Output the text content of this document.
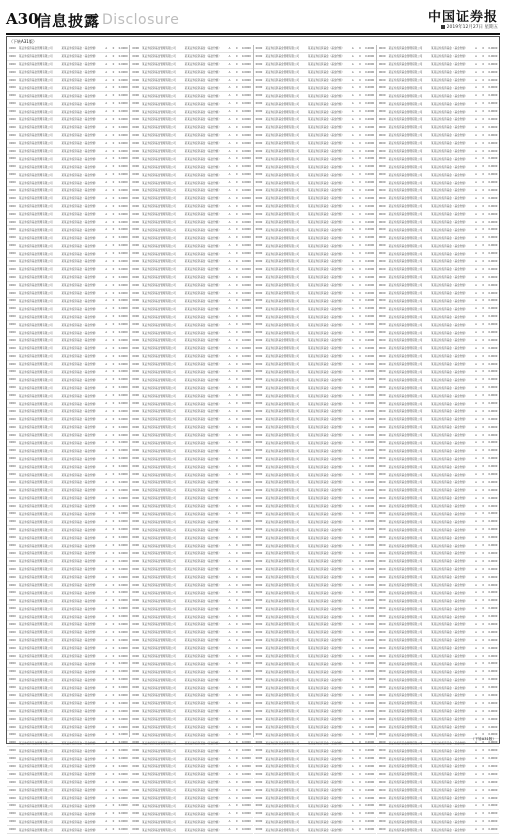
A30
信息披露 Disclosure	中国证券报
2019年12月27日 星期五
（下转A31版）
0000	某证券投资基金管理有限公司	某某证券投资基金（基金份额）	A	0	0.0000
0000	某证券投资基金管理有限公司	某某证券投资基金（基金份额）	A	0	0.0000
0000	某证券投资基金管理有限公司	某某证券投资基金（基金份额）	A	0	0.0000
0000	某证券投资基金管理有限公司	某某证券投资基金（基金份额）	A	0	0.0000
0000	某证券投资基金管理有限公司	某某证券投资基金（基金份额）	A	0	0.0000
0000	某证券投资基金管理有限公司	某某证券投资基金（基金份额）	A	0	0.0000
0000	某证券投资基金管理有限公司	某某证券投资基金（基金份额）	A	0	0.0000
0000	某证券投资基金管理有限公司	某某证券投资基金（基金份额）	A	0	0.0000
0000	某证券投资基金管理有限公司	某某证券投资基金（基金份额）	A	0	0.0000
0000	某证券投资基金管理有限公司	某某证券投资基金（基金份额）	A	0	0.0000
0000	某证券投资基金管理有限公司	某某证券投资基金（基金份额）	A	0	0.0000
0000	某证券投资基金管理有限公司	某某证券投资基金（基金份额）	A	0	0.0000
0000	某证券投资基金管理有限公司	某某证券投资基金（基金份额）	A	0	0.0000
0000	某证券投资基金管理有限公司	某某证券投资基金（基金份额）	A	0	0.0000
0000	某证券投资基金管理有限公司	某某证券投资基金（基金份额）	A	0	0.0000
0000	某证券投资基金管理有限公司	某某证券投资基金（基金份额）	A	0	0.0000
0000	某证券投资基金管理有限公司	某某证券投资基金（基金份额）	A	0	0.0000
0000	某证券投资基金管理有限公司	某某证券投资基金（基金份额）	A	0	0.0000
0000	某证券投资基金管理有限公司	某某证券投资基金（基金份额）	A	0	0.0000
0000	某证券投资基金管理有限公司	某某证券投资基金（基金份额）	A	0	0.0000
0000	某证券投资基金管理有限公司	某某证券投资基金（基金份额）	A	0	0.0000
0000	某证券投资基金管理有限公司	某某证券投资基金（基金份额）	A	0	0.0000
0000	某证券投资基金管理有限公司	某某证券投资基金（基金份额）	A	0	0.0000
0000	某证券投资基金管理有限公司	某某证券投资基金（基金份额）	A	0	0.0000
0000	某证券投资基金管理有限公司	某某证券投资基金（基金份额）	A	0	0.0000
0000	某证券投资基金管理有限公司	某某证券投资基金（基金份额）	A	0	0.0000
0000	某证券投资基金管理有限公司	某某证券投资基金（基金份额）	A	0	0.0000
0000	某证券投资基金管理有限公司	某某证券投资基金（基金份额）	A	0	0.0000
0000	某证券投资基金管理有限公司	某某证券投资基金（基金份额）	A	0	0.0000
0000	某证券投资基金管理有限公司	某某证券投资基金（基金份额）	A	0	0.0000
0000	某证券投资基金管理有限公司	某某证券投资基金（基金份额）	A	0	0.0000
0000	某证券投资基金管理有限公司	某某证券投资基金（基金份额）	A	0	0.0000
0000	某证券投资基金管理有限公司	某某证券投资基金（基金份额）	A	0	0.0000
0000	某证券投资基金管理有限公司	某某证券投资基金（基金份额）	A	0	0.0000
0000	某证券投资基金管理有限公司	某某证券投资基金（基金份额）	A	0	0.0000
0000	某证券投资基金管理有限公司	某某证券投资基金（基金份额）	A	0	0.0000
0000	某证券投资基金管理有限公司	某某证券投资基金（基金份额）	A	0	0.0000
0000	某证券投资基金管理有限公司	某某证券投资基金（基金份额）	A	0	0.0000
0000	某证券投资基金管理有限公司	某某证券投资基金（基金份额）	A	0	0.0000
0000	某证券投资基金管理有限公司	某某证券投资基金（基金份额）	A	0	0.0000
0000	某证券投资基金管理有限公司	某某证券投资基金（基金份额）	A	0	0.0000
0000	某证券投资基金管理有限公司	某某证券投资基金（基金份额）	A	0	0.0000
0000	某证券投资基金管理有限公司	某某证券投资基金（基金份额）	A	0	0.0000
0000	某证券投资基金管理有限公司	某某证券投资基金（基金份额）	A	0	0.0000
0000	某证券投资基金管理有限公司	某某证券投资基金（基金份额）	A	0	0.0000
0000	某证券投资基金管理有限公司	某某证券投资基金（基金份额）	A	0	0.0000
0000	某证券投资基金管理有限公司	某某证券投资基金（基金份额）	A	0	0.0000
0000	某证券投资基金管理有限公司	某某证券投资基金（基金份额）	A	0	0.0000
0000	某证券投资基金管理有限公司	某某证券投资基金（基金份额）	A	0	0.0000
0000	某证券投资基金管理有限公司	某某证券投资基金（基金份额）	A	0	0.0000
0000	某证券投资基金管理有限公司	某某证券投资基金（基金份额）	A	0	0.0000
0000	某证券投资基金管理有限公司	某某证券投资基金（基金份额）	A	0	0.0000
0000	某证券投资基金管理有限公司	某某证券投资基金（基金份额）	A	0	0.0000
0000	某证券投资基金管理有限公司	某某证券投资基金（基金份额）	A	0	0.0000
0000	某证券投资基金管理有限公司	某某证券投资基金（基金份额）	A	0	0.0000
0000	某证券投资基金管理有限公司	某某证券投资基金（基金份额）	A	0	0.0000
0000	某证券投资基金管理有限公司	某某证券投资基金（基金份额）	A	0	0.0000
0000	某证券投资基金管理有限公司	某某证券投资基金（基金份额）	A	0	0.0000
0000	某证券投资基金管理有限公司	某某证券投资基金（基金份额）	A	0	0.0000
0000	某证券投资基金管理有限公司	某某证券投资基金（基金份额）	A	0	0.0000
0000	某证券投资基金管理有限公司	某某证券投资基金（基金份额）	A	0	0.0000
0000	某证券投资基金管理有限公司	某某证券投资基金（基金份额）	A	0	0.0000
0000	某证券投资基金管理有限公司	某某证券投资基金（基金份额）	A	0	0.0000
0000	某证券投资基金管理有限公司	某某证券投资基金（基金份额）	A	0	0.0000
0000	某证券投资基金管理有限公司	某某证券投资基金（基金份额）	A	0	0.0000
0000	某证券投资基金管理有限公司	某某证券投资基金（基金份额）	A	0	0.0000
0000	某证券投资基金管理有限公司	某某证券投资基金（基金份额）	A	0	0.0000
0000	某证券投资基金管理有限公司	某某证券投资基金（基金份额）	A	0	0.0000
0000	某证券投资基金管理有限公司	某某证券投资基金（基金份额）	A	0	0.0000
0000	某证券投资基金管理有限公司	某某证券投资基金（基金份额）	A	0	0.0000
0000	某证券投资基金管理有限公司	某某证券投资基金（基金份额）	A	0	0.0000
0000	某证券投资基金管理有限公司	某某证券投资基金（基金份额）	A	0	0.0000
0000	某证券投资基金管理有限公司	某某证券投资基金（基金份额）	A	0	0.0000
0000	某证券投资基金管理有限公司	某某证券投资基金（基金份额）	A	0	0.0000
0000	某证券投资基金管理有限公司	某某证券投资基金（基金份额）	A	0	0.0000
0000	某证券投资基金管理有限公司	某某证券投资基金（基金份额）	A	0	0.0000
0000	某证券投资基金管理有限公司	某某证券投资基金（基金份额）	A	0	0.0000
0000	某证券投资基金管理有限公司	某某证券投资基金（基金份额）	A	0	0.0000
0000	某证券投资基金管理有限公司	某某证券投资基金（基金份额）	A	0	0.0000
0000	某证券投资基金管理有限公司	某某证券投资基金（基金份额）	A	0	0.0000
0000	某证券投资基金管理有限公司	某某证券投资基金（基金份额）	A	0	0.0000
0000	某证券投资基金管理有限公司	某某证券投资基金（基金份额）	A	0	0.0000
0000	某证券投资基金管理有限公司	某某证券投资基金（基金份额）	A	0	0.0000
0000	某证券投资基金管理有限公司	某某证券投资基金（基金份额）	A	0	0.0000
0000	某证券投资基金管理有限公司	某某证券投资基金（基金份额）	A	0	0.0000
0000	某证券投资基金管理有限公司	某某证券投资基金（基金份额）	A	0	0.0000
0000	某证券投资基金管理有限公司	某某证券投资基金（基金份额）	A	0	0.0000
0000	某证券投资基金管理有限公司	某某证券投资基金（基金份额）	A	0	0.0000
0000	某证券投资基金管理有限公司	某某证券投资基金（基金份额）	A	0	0.0000
0000	某证券投资基金管理有限公司	某某证券投资基金（基金份额）	A	0	0.0000
0000	某证券投资基金管理有限公司	某某证券投资基金（基金份额）	A	0	0.0000
0000	某证券投资基金管理有限公司	某某证券投资基金（基金份额）	A	0	0.0000
0000	某证券投资基金管理有限公司	某某证券投资基金（基金份额）	A	0	0.0000
0000	某证券投资基金管理有限公司	某某证券投资基金（基金份额）	A	0	0.0000
0000	某证券投资基金管理有限公司	某某证券投资基金（基金份额）	A	0	0.0000
0000	某证券投资基金管理有限公司	某某证券投资基金（基金份额）	A	0	0.0000
0000	某证券投资基金管理有限公司	某某证券投资基金（基金份额）	A	0	0.0000
0000	某证券投资基金管理有限公司	某某证券投资基金（基金份额）	A	0	0.0000
0000	某证券投资基金管理有限公司	某某证券投资基金（基金份额）	A	0	0.0000
0000	某证券投资基金管理有限公司	某某证券投资基金（基金份额）	A	0	0.0000
0000	某证券投资基金管理有限公司	某某证券投资基金（基金份额）	A	0	0.0000
0000	某证券投资基金管理有限公司	某某证券投资基金（基金份额）	A	0	0.0000
0000	某证券投资基金管理有限公司	某某证券投资基金（基金份额）	A	0	0.0000
0000	某证券投资基金管理有限公司	某某证券投资基金（基金份额）	A	0	0.0000
0000	某证券投资基金管理有限公司	某某证券投资基金（基金份额）	A	0	0.0000
0000	某证券投资基金管理有限公司	某某证券投资基金（基金份额）	A	0	0.0000
0000	某证券投资基金管理有限公司	某某证券投资基金（基金份额）	A	0	0.0000
0000	某证券投资基金管理有限公司	某某证券投资基金（基金份额）	A	0	0.0000
0000	某证券投资基金管理有限公司	某某证券投资基金（基金份额）	A	0	0.0000
0000	某证券投资基金管理有限公司	某某证券投资基金（基金份额）	A	0	0.0000
0000	某证券投资基金管理有限公司	某某证券投资基金（基金份额）	A	0	0.0000
0000	某证券投资基金管理有限公司	某某证券投资基金（基金份额）	A	0	0.0000
0000	某证券投资基金管理有限公司	某某证券投资基金（基金份额）	A	0	0.0000
0000	某证券投资基金管理有限公司	某某证券投资基金（基金份额）	A	0	0.0000
0000	某证券投资基金管理有限公司	某某证券投资基金（基金份额）	A	0	0.0000
0000	某证券投资基金管理有限公司	某某证券投资基金（基金份额）	A	0	0.0000
0000	某证券投资基金管理有限公司	某某证券投资基金（基金份额）	A	0	0.0000
0000	某证券投资基金管理有限公司	某某证券投资基金（基金份额）	A	0	0.0000
0000	某证券投资基金管理有限公司	某某证券投资基金（基金份额）	A	0	0.0000
0000	某证券投资基金管理有限公司	某某证券投资基金（基金份额）	A	0	0.0000
0000	某证券投资基金管理有限公司	某某证券投资基金（基金份额）	A	0	0.0000
0000	某证券投资基金管理有限公司	某某证券投资基金（基金份额）	A	0	0.0000
0000	某证券投资基金管理有限公司	某某证券投资基金（基金份额）	A	0	0.0000
0000	某证券投资基金管理有限公司	某某证券投资基金（基金份额）	A	0	0.0000
0000	某证券投资基金管理有限公司	某某证券投资基金（基金份额）	A	0	0.0000
0000	某证券投资基金管理有限公司	某某证券投资基金（基金份额）	A	0	0.0000
0000	某证券投资基金管理有限公司	某某证券投资基金（基金份额）	A	0	0.0000
0000	某证券投资基金管理有限公司	某某证券投资基金（基金份额）	A	0	0.0000
0000	某证券投资基金管理有限公司	某某证券投资基金（基金份额）	A	0	0.0000
0000	某证券投资基金管理有限公司	某某证券投资基金（基金份额）	A	0	0.0000
0000	某证券投资基金管理有限公司	某某证券投资基金（基金份额）	A	0	0.0000
0000	某证券投资基金管理有限公司	某某证券投资基金（基金份额）	A	0	0.0000
0000	某证券投资基金管理有限公司	某某证券投资基金（基金份额）	A	0	0.0000
0000	某证券投资基金管理有限公司	某某证券投资基金（基金份额）	A	0	0.0000
0000	某证券投资基金管理有限公司	某某证券投资基金（基金份额）	A	0	0.0000
0000	某证券投资基金管理有限公司	某某证券投资基金（基金份额）	A	0	0.0000
0000	某证券投资基金管理有限公司	某某证券投资基金（基金份额）	A	0	0.0000
0000	某证券投资基金管理有限公司	某某证券投资基金（基金份额）	A	0	0.0000
0000	某证券投资基金管理有限公司	某某证券投资基金（基金份额）	A	0	0.0000
0000	某证券投资基金管理有限公司	某某证券投资基金（基金份额）	A	0	0.0000
0000	某证券投资基金管理有限公司	某某证券投资基金（基金份额）	A	0	0.0000
0000	某证券投资基金管理有限公司	某某证券投资基金（基金份额）	A	0	0.0000
0000	某证券投资基金管理有限公司	某某证券投资基金（基金份额）	A	0	0.0000
0000	某证券投资基金管理有限公司	某某证券投资基金（基金份额）	A	0	0.0000
0000	某证券投资基金管理有限公司	某某证券投资基金（基金份额）	A	0	0.0000
0000	某证券投资基金管理有限公司	某某证券投资基金（基金份额）	A	0	0.0000
0000	某证券投资基金管理有限公司	某某证券投资基金（基金份额）	A	0	0.0000
0000	某证券投资基金管理有限公司	某某证券投资基金（基金份额）	A	0	0.0000
0000	某证券投资基金管理有限公司	某某证券投资基金（基金份额）	A	0	0.0000
0000	某证券投资基金管理有限公司	某某证券投资基金（基金份额）	A	0	0.0000
0000	某证券投资基金管理有限公司	某某证券投资基金（基金份额）	A	0	0.0000
0000	某证券投资基金管理有限公司	某某证券投资基金（基金份额）	A	0	0.0000
0000	某证券投资基金管理有限公司	某某证券投资基金（基金份额）	A	0	0.0000
0000	某证券投资基金管理有限公司	某某证券投资基金（基金份额）	A	0	0.0000
0000	某证券投资基金管理有限公司	某某证券投资基金（基金份额）	A	0	0.0000
0000	某证券投资基金管理有限公司	某某证券投资基金（基金份额）	A	0	0.0000
0000	某证券投资基金管理有限公司	某某证券投资基金（基金份额）	A	0	0.0000
0000	某证券投资基金管理有限公司	某某证券投资基金（基金份额）	A	0	0.0000
0000	某证券投资基金管理有限公司	某某证券投资基金（基金份额）	A	0	0.0000
0000	某证券投资基金管理有限公司	某某证券投资基金（基金份额）	A	0	0.0000
0000	某证券投资基金管理有限公司	某某证券投资基金（基金份额）	A	0	0.0000
0000	某证券投资基金管理有限公司	某某证券投资基金（基金份额）	A	0	0.0000
0000	某证券投资基金管理有限公司	某某证券投资基金（基金份额）	A	0	0.0000
0000	某证券投资基金管理有限公司	某某证券投资基金（基金份额）	A	0	0.0000
0000	某证券投资基金管理有限公司	某某证券投资基金（基金份额）	A	0	0.0000
0000	某证券投资基金管理有限公司	某某证券投资基金（基金份额）	A	0	0.0000
0000	某证券投资基金管理有限公司	某某证券投资基金（基金份额）	A	0	0.0000
0000	某证券投资基金管理有限公司	某某证券投资基金（基金份额）	A	0	0.0000
0000	某证券投资基金管理有限公司	某某证券投资基金（基金份额）	A	0	0.0000
0000	某证券投资基金管理有限公司	某某证券投资基金（基金份额）	A	0	0.0000
0000	某证券投资基金管理有限公司	某某证券投资基金（基金份额）	A	0	0.0000
0000	某证券投资基金管理有限公司	某某证券投资基金（基金份额）	A	0	0.0000
0000	某证券投资基金管理有限公司	某某证券投资基金（基金份额）	A	0	0.0000
0000	某证券投资基金管理有限公司	某某证券投资基金（基金份额）	A	0	0.0000
0000	某证券投资基金管理有限公司	某某证券投资基金（基金份额）	A	0	0.0000
0000	某证券投资基金管理有限公司	某某证券投资基金（基金份额）	A	0	0.0000
0000	某证券投资基金管理有限公司	某某证券投资基金（基金份额）	A	0	0.0000
0000	某证券投资基金管理有限公司	某某证券投资基金（基金份额）	A	0	0.0000
0000	某证券投资基金管理有限公司	某某证券投资基金（基金份额）	A	0	0.0000
0000	某证券投资基金管理有限公司	某某证券投资基金（基金份额）	A	0	0.0000
0000	某证券投资基金管理有限公司	某某证券投资基金（基金份额）	A	0	0.0000
0000	某证券投资基金管理有限公司	某某证券投资基金（基金份额）	A	0	0.0000
0000	某证券投资基金管理有限公司	某某证券投资基金（基金份额）	A	0	0.0000
0000	某证券投资基金管理有限公司	某某证券投资基金（基金份额）	A	0	0.0000
0000	某证券投资基金管理有限公司	某某证券投资基金（基金份额）	A	0	0.0000
0000	某证券投资基金管理有限公司	某某证券投资基金（基金份额）	A	0	0.0000
0000	某证券投资基金管理有限公司	某某证券投资基金（基金份额）	A	0	0.0000
0000	某证券投资基金管理有限公司	某某证券投资基金（基金份额）	A	0	0.0000
0000	某证券投资基金管理有限公司	某某证券投资基金（基金份额）	A	0	0.0000
0000	某证券投资基金管理有限公司	某某证券投资基金（基金份额）	A	0	0.0000
0000	某证券投资基金管理有限公司	某某证券投资基金（基金份额）	A	0	0.0000
0000	某证券投资基金管理有限公司	某某证券投资基金（基金份额）	A	0	0.0000
0000	某证券投资基金管理有限公司	某某证券投资基金（基金份额）	A	0	0.0000
0000	某证券投资基金管理有限公司	某某证券投资基金（基金份额）	A	0	0.0000
0000	某证券投资基金管理有限公司	某某证券投资基金（基金份额）	A	0	0.0000
0000	某证券投资基金管理有限公司	某某证券投资基金（基金份额）	A	0	0.0000
0000	某证券投资基金管理有限公司	某某证券投资基金（基金份额）	A	0	0.0000
0000	某证券投资基金管理有限公司	某某证券投资基金（基金份额）	A	0	0.0000
0000	某证券投资基金管理有限公司	某某证券投资基金（基金份额）	A	0	0.0000
0000	某证券投资基金管理有限公司	某某证券投资基金（基金份额）	A	0	0.0000
0000	某证券投资基金管理有限公司	某某证券投资基金（基金份额）	A	0	0.0000
0000	某证券投资基金管理有限公司	某某证券投资基金（基金份额）	A	0	0.0000
0000	某证券投资基金管理有限公司	某某证券投资基金（基金份额）	A	0	0.0000
0000	某证券投资基金管理有限公司	某某证券投资基金（基金份额）	A	0	0.0000
0000	某证券投资基金管理有限公司	某某证券投资基金（基金份额）	A	0	0.0000
0000	某证券投资基金管理有限公司	某某证券投资基金（基金份额）	A	0	0.0000
0000	某证券投资基金管理有限公司	某某证券投资基金（基金份额）	A	0	0.0000
0000	某证券投资基金管理有限公司	某某证券投资基金（基金份额）	A	0	0.0000
0000	某证券投资基金管理有限公司	某某证券投资基金（基金份额）	A	0	0.0000
0000	某证券投资基金管理有限公司	某某证券投资基金（基金份额）	A	0	0.0000
0000	某证券投资基金管理有限公司	某某证券投资基金（基金份额）	A	0	0.0000
0000	某证券投资基金管理有限公司	某某证券投资基金（基金份额）	A	0	0.0000
0000	某证券投资基金管理有限公司	某某证券投资基金（基金份额）	A	0	0.0000
0000	某证券投资基金管理有限公司	某某证券投资基金（基金份额）	A	0	0.0000
0000	某证券投资基金管理有限公司	某某证券投资基金（基金份额）	A	0	0.0000
0000	某证券投资基金管理有限公司	某某证券投资基金（基金份额）	A	0	0.0000
0000	某证券投资基金管理有限公司	某某证券投资基金（基金份额）	A	0	0.0000
0000	某证券投资基金管理有限公司	某某证券投资基金（基金份额）	A	0	0.0000
0000	某证券投资基金管理有限公司	某某证券投资基金（基金份额）	A	0	0.0000
0000	某证券投资基金管理有限公司	某某证券投资基金（基金份额）	A	0	0.0000
0000	某证券投资基金管理有限公司	某某证券投资基金（基金份额）	A	0	0.0000
0000	某证券投资基金管理有限公司	某某证券投资基金（基金份额）	A	0	0.0000
0000	某证券投资基金管理有限公司	某某证券投资基金（基金份额）	A	0	0.0000
0000	某证券投资基金管理有限公司	某某证券投资基金（基金份额）	A	0	0.0000
0000	某证券投资基金管理有限公司	某某证券投资基金（基金份额）	A	0	0.0000
0000	某证券投资基金管理有限公司	某某证券投资基金（基金份额）	A	0	0.0000
0000	某证券投资基金管理有限公司	某某证券投资基金（基金份额）	A	0	0.0000
0000	某证券投资基金管理有限公司	某某证券投资基金（基金份额）	A	0	0.0000
0000	某证券投资基金管理有限公司	某某证券投资基金（基金份额）	A	0	0.0000
0000	某证券投资基金管理有限公司	某某证券投资基金（基金份额）	A	0	0.0000
0000	某证券投资基金管理有限公司	某某证券投资基金（基金份额）	A	0	0.0000
0000	某证券投资基金管理有限公司	某某证券投资基金（基金份额）	A	0	0.0000
0000	某证券投资基金管理有限公司	某某证券投资基金（基金份额）	A	0	0.0000
0000	某证券投资基金管理有限公司	某某证券投资基金（基金份额）	A	0	0.0000
0000	某证券投资基金管理有限公司	某某证券投资基金（基金份额）	A	0	0.0000
0000	某证券投资基金管理有限公司	某某证券投资基金（基金份额）	A	0	0.0000
0000	某证券投资基金管理有限公司	某某证券投资基金（基金份额）	A	0	0.0000
0000	某证券投资基金管理有限公司	某某证券投资基金（基金份额）	A	0	0.0000
0000	某证券投资基金管理有限公司	某某证券投资基金（基金份额）	A	0	0.0000
0000	某证券投资基金管理有限公司	某某证券投资基金（基金份额）	A	0	0.0000
0000	某证券投资基金管理有限公司	某某证券投资基金（基金份额）	A	0	0.0000
0000	某证券投资基金管理有限公司	某某证券投资基金（基金份额）	A	0	0.0000
0000	某证券投资基金管理有限公司	某某证券投资基金（基金份额）	A	0	0.0000
0000	某证券投资基金管理有限公司	某某证券投资基金（基金份额）	A	0	0.0000
0000	某证券投资基金管理有限公司	某某证券投资基金（基金份额）	A	0	0.0000
0000	某证券投资基金管理有限公司	某某证券投资基金（基金份额）	A	0	0.0000
0000	某证券投资基金管理有限公司	某某证券投资基金（基金份额）	A	0	0.0000
0000	某证券投资基金管理有限公司	某某证券投资基金（基金份额）	A	0	0.0000
0000	某证券投资基金管理有限公司	某某证券投资基金（基金份额）	A	0	0.0000
0000	某证券投资基金管理有限公司	某某证券投资基金（基金份额）	A	0	0.0000
0000	某证券投资基金管理有限公司	某某证券投资基金（基金份额）	A	0	0.0000
0000	某证券投资基金管理有限公司	某某证券投资基金（基金份额）	A	0	0.0000
0000	某证券投资基金管理有限公司	某某证券投资基金（基金份额）	A	0	0.0000
0000	某证券投资基金管理有限公司	某某证券投资基金（基金份额）	A	0	0.0000
0000	某证券投资基金管理有限公司	某某证券投资基金（基金份额）	A	0	0.0000
0000	某证券投资基金管理有限公司	某某证券投资基金（基金份额）	A	0	0.0000
0000	某证券投资基金管理有限公司	某某证券投资基金（基金份额）	A	0	0.0000
0000	某证券投资基金管理有限公司	某某证券投资基金（基金份额）	A	0	0.0000
0000	某证券投资基金管理有限公司	某某证券投资基金（基金份额）	A	0	0.0000
0000	某证券投资基金管理有限公司	某某证券投资基金（基金份额）	A	0	0.0000
0000	某证券投资基金管理有限公司	某某证券投资基金（基金份额）	A	0	0.0000
0000	某证券投资基金管理有限公司	某某证券投资基金（基金份额）	A	0	0.0000
0000	某证券投资基金管理有限公司	某某证券投资基金（基金份额）	A	0	0.0000
0000	某证券投资基金管理有限公司	某某证券投资基金（基金份额）	A	0	0.0000
0000	某证券投资基金管理有限公司	某某证券投资基金（基金份额）	A	0	0.0000
0000	某证券投资基金管理有限公司	某某证券投资基金（基金份额）	A	0	0.0000
0000	某证券投资基金管理有限公司	某某证券投资基金（基金份额）	A	0	0.0000
0000	某证券投资基金管理有限公司	某某证券投资基金（基金份额）	A	0	0.0000
0000	某证券投资基金管理有限公司	某某证券投资基金（基金份额）	A	0	0.0000
0000	某证券投资基金管理有限公司	某某证券投资基金（基金份额）	A	0	0.0000
0000	某证券投资基金管理有限公司	某某证券投资基金（基金份额）	A	0	0.0000
0000	某证券投资基金管理有限公司	某某证券投资基金（基金份额）	A	0	0.0000
0000	某证券投资基金管理有限公司	某某证券投资基金（基金份额）	A	0	0.0000
0000	某证券投资基金管理有限公司	某某证券投资基金（基金份额）	A	0	0.0000
0000	某证券投资基金管理有限公司	某某证券投资基金（基金份额）	A	0	0.0000
0000	某证券投资基金管理有限公司	某某证券投资基金（基金份额）	A	0	0.0000
0000	某证券投资基金管理有限公司	某某证券投资基金（基金份额）	A	0	0.0000
0000	某证券投资基金管理有限公司	某某证券投资基金（基金份额）	A	0	0.0000
0000	某证券投资基金管理有限公司	某某证券投资基金（基金份额）	A	0	0.0000
0000	某证券投资基金管理有限公司	某某证券投资基金（基金份额）	A	0	0.0000
0000	某证券投资基金管理有限公司	某某证券投资基金（基金份额）	A	0	0.0000
0000	某证券投资基金管理有限公司	某某证券投资基金（基金份额）	A	0	0.0000
0000	某证券投资基金管理有限公司	某某证券投资基金（基金份额）	A	0	0.0000
0000	某证券投资基金管理有限公司	某某证券投资基金（基金份额）	A	0	0.0000
0000	某证券投资基金管理有限公司	某某证券投资基金（基金份额）	A	0	0.0000
0000	某证券投资基金管理有限公司	某某证券投资基金（基金份额）	A	0	0.0000
0000	某证券投资基金管理有限公司	某某证券投资基金（基金份额）	A	0	0.0000
0000	某证券投资基金管理有限公司	某某证券投资基金（基金份额）	A	0	0.0000
0000	某证券投资基金管理有限公司	某某证券投资基金（基金份额）	A	0	0.0000
0000	某证券投资基金管理有限公司	某某证券投资基金（基金份额）	A	0	0.0000
0000	某证券投资基金管理有限公司	某某证券投资基金（基金份额）	A	0	0.0000
0000	某证券投资基金管理有限公司	某某证券投资基金（基金份额）	A	0	0.0000
0000	某证券投资基金管理有限公司	某某证券投资基金（基金份额）	A	0	0.0000
0000	某证券投资基金管理有限公司	某某证券投资基金（基金份额）	A	0	0.0000
0000	某证券投资基金管理有限公司	某某证券投资基金（基金份额）	A	0	0.0000
0000	某证券投资基金管理有限公司	某某证券投资基金（基金份额）	A	0	0.0000
0000	某证券投资基金管理有限公司	某某证券投资基金（基金份额）	A	0	0.0000
0000	某证券投资基金管理有限公司	某某证券投资基金（基金份额）	A	0	0.0000
0000	某证券投资基金管理有限公司	某某证券投资基金（基金份额）	A	0	0.0000
0000	某证券投资基金管理有限公司	某某证券投资基金（基金份额）	A	0	0.0000
0000	某证券投资基金管理有限公司	某某证券投资基金（基金份额）	A	0	0.0000
0000	某证券投资基金管理有限公司	某某证券投资基金（基金份额）	A	0	0.0000
0000	某证券投资基金管理有限公司	某某证券投资基金（基金份额）	A	0	0.0000
0000	某证券投资基金管理有限公司	某某证券投资基金（基金份额）	A	0	0.0000
0000	某证券投资基金管理有限公司	某某证券投资基金（基金份额）	A	0	0.0000
0000	某证券投资基金管理有限公司	某某证券投资基金（基金份额）	A	0	0.0000
0000	某证券投资基金管理有限公司	某某证券投资基金（基金份额）	A	0	0.0000
0000	某证券投资基金管理有限公司	某某证券投资基金（基金份额）	A	0	0.0000
0000	某证券投资基金管理有限公司	某某证券投资基金（基金份额）	A	0	0.0000
0000	某证券投资基金管理有限公司	某某证券投资基金（基金份额）	A	0	0.0000
0000	某证券投资基金管理有限公司	某某证券投资基金（基金份额）	A	0	0.0000
0000	某证券投资基金管理有限公司	某某证券投资基金（基金份额）	A	0	0.0000
0000	某证券投资基金管理有限公司	某某证券投资基金（基金份额）	A	0	0.0000
0000	某证券投资基金管理有限公司	某某证券投资基金（基金份额）	A	0	0.0000
0000	某证券投资基金管理有限公司	某某证券投资基金（基金份额）	A	0	0.0000
0000	某证券投资基金管理有限公司	某某证券投资基金（基金份额）	A	0	0.0000
0000	某证券投资基金管理有限公司	某某证券投资基金（基金份额）	A	0	0.0000
0000	某证券投资基金管理有限公司	某某证券投资基金（基金份额）	A	0	0.0000
0000	某证券投资基金管理有限公司	某某证券投资基金（基金份额）	A	0	0.0000
0000	某证券投资基金管理有限公司	某某证券投资基金（基金份额）	A	0	0.0000
0000	某证券投资基金管理有限公司	某某证券投资基金（基金份额）	A	0	0.0000
0000	某证券投资基金管理有限公司	某某证券投资基金（基金份额）	A	0	0.0000
0000	某证券投资基金管理有限公司	某某证券投资基金（基金份额）	A	0	0.0000
0000	某证券投资基金管理有限公司	某某证券投资基金（基金份额）	A	0	0.0000
0000	某证券投资基金管理有限公司	某某证券投资基金（基金份额）	A	0	0.0000
0000	某证券投资基金管理有限公司	某某证券投资基金（基金份额）	A	0	0.0000
0000	某证券投资基金管理有限公司	某某证券投资基金（基金份额）	A	0	0.0000
0000	某证券投资基金管理有限公司	某某证券投资基金（基金份额）	A	0	0.0000
0000	某证券投资基金管理有限公司	某某证券投资基金（基金份额）	A	0	0.0000
0000	某证券投资基金管理有限公司	某某证券投资基金（基金份额）	A	0	0.0000
0000	某证券投资基金管理有限公司	某某证券投资基金（基金份额）	A	0	0.0000
0000	某证券投资基金管理有限公司	某某证券投资基金（基金份额）	A	0	0.0000
0000	某证券投资基金管理有限公司	某某证券投资基金（基金份额）	A	0	0.0000
0000	某证券投资基金管理有限公司	某某证券投资基金（基金份额）	A	0	0.0000
0000	某证券投资基金管理有限公司	某某证券投资基金（基金份额）	A	0	0.0000
0000	某证券投资基金管理有限公司	某某证券投资基金（基金份额）	A	0	0.0000
0000	某证券投资基金管理有限公司	某某证券投资基金（基金份额）	A	0	0.0000
0000	某证券投资基金管理有限公司	某某证券投资基金（基金份额）	A	0	0.0000
0000	某证券投资基金管理有限公司	某某证券投资基金（基金份额）	A	0	0.0000
0000	某证券投资基金管理有限公司	某某证券投资基金（基金份额）	A	0	0.0000
0000	某证券投资基金管理有限公司	某某证券投资基金（基金份额）	A	0	0.0000
0000	某证券投资基金管理有限公司	某某证券投资基金（基金份额）	A	0	0.0000
0000	某证券投资基金管理有限公司	某某证券投资基金（基金份额）	A	0	0.0000
0000	某证券投资基金管理有限公司	某某证券投资基金（基金份额）	A	0	0.0000
0000	某证券投资基金管理有限公司	某某证券投资基金（基金份额）	A	0	0.0000
0000	某证券投资基金管理有限公司	某某证券投资基金（基金份额）	A	0	0.0000
0000	某证券投资基金管理有限公司	某某证券投资基金（基金份额）	A	0	0.0000
0000	某证券投资基金管理有限公司	某某证券投资基金（基金份额）	A	0	0.0000
0000	某证券投资基金管理有限公司	某某证券投资基金（基金份额）	A	0	0.0000
0000	某证券投资基金管理有限公司	某某证券投资基金（基金份额）	A	0	0.0000
0000	某证券投资基金管理有限公司	某某证券投资基金（基金份额）	A	0	0.0000
0000	某证券投资基金管理有限公司	某某证券投资基金（基金份额）	A	0	0.0000
0000	某证券投资基金管理有限公司	某某证券投资基金（基金份额）	A	0	0.0000
0000	某证券投资基金管理有限公司	某某证券投资基金（基金份额）	A	0	0.0000
0000	某证券投资基金管理有限公司	某某证券投资基金（基金份额）	A	0	0.0000
0000	某证券投资基金管理有限公司	某某证券投资基金（基金份额）	A	0	0.0000
0000	某证券投资基金管理有限公司	某某证券投资基金（基金份额）	A	0	0.0000
0000	某证券投资基金管理有限公司	某某证券投资基金（基金份额）	A	0	0.0000
0000	某证券投资基金管理有限公司	某某证券投资基金（基金份额）	A	0	0.0000
0000	某证券投资基金管理有限公司	某某证券投资基金（基金份额）	A	0	0.0000
0000	某证券投资基金管理有限公司	某某证券投资基金（基金份额）	A	0	0.0000
0000	某证券投资基金管理有限公司	某某证券投资基金（基金份额）	A	0	0.0000
0000	某证券投资基金管理有限公司	某某证券投资基金（基金份额）	A	0	0.0000
0000	某证券投资基金管理有限公司	某某证券投资基金（基金份额）	A	0	0.0000
0000	某证券投资基金管理有限公司	某某证券投资基金（基金份额）	A	0	0.0000
0000	某证券投资基金管理有限公司	某某证券投资基金（基金份额）	A	0	0.0000
0000	某证券投资基金管理有限公司	某某证券投资基金（基金份额）	A	0	0.0000
0000	某证券投资基金管理有限公司	某某证券投资基金（基金份额）	A	0	0.0000
0000	某证券投资基金管理有限公司	某某证券投资基金（基金份额）	A	0	0.0000
0000	某证券投资基金管理有限公司	某某证券投资基金（基金份额）	A	0	0.0000
0000	某证券投资基金管理有限公司	某某证券投资基金（基金份额）	A	0	0.0000
0000	某证券投资基金管理有限公司	某某证券投资基金（基金份额）	A	0	0.0000
0000	某证券投资基金管理有限公司	某某证券投资基金（基金份额）	A	0	0.0000
0000	某证券投资基金管理有限公司	某某证券投资基金（基金份额）	A	0	0.0000
0000	某证券投资基金管理有限公司	某某证券投资基金（基金份额）	A	0	0.0000
0000	某证券投资基金管理有限公司	某某证券投资基金（基金份额）	A	0	0.0000
0000	某证券投资基金管理有限公司	某某证券投资基金（基金份额）	A	0	0.0000
0000	某证券投资基金管理有限公司	某某证券投资基金（基金份额）	A	0	0.0000
0000	某证券投资基金管理有限公司	某某证券投资基金（基金份额）	A	0	0.0000
0000	某证券投资基金管理有限公司	某某证券投资基金（基金份额）	A	0	0.0000
0000	某证券投资基金管理有限公司	某某证券投资基金（基金份额）	A	0	0.0000
0000	某证券投资基金管理有限公司	某某证券投资基金（基金份额）	A	0	0.0000
0000	某证券投资基金管理有限公司	某某证券投资基金（基金份额）	A	0	0.0000
0000	某证券投资基金管理有限公司	某某证券投资基金（基金份额）	A	0	0.0000
0000	某证券投资基金管理有限公司	某某证券投资基金（基金份额）	A	0	0.0000
0000	某证券投资基金管理有限公司	某某证券投资基金（基金份额）	A	0	0.0000
0000	某证券投资基金管理有限公司	某某证券投资基金（基金份额）	A	0	0.0000
0000	某证券投资基金管理有限公司	某某证券投资基金（基金份额）	A	0	0.0000
0000	某证券投资基金管理有限公司	某某证券投资基金（基金份额）	A	0	0.0000
0000	某证券投资基金管理有限公司	某某证券投资基金（基金份额）	A	0	0.0000
0000	某证券投资基金管理有限公司	某某证券投资基金（基金份额）	A	0	0.0000
0000	某证券投资基金管理有限公司	某某证券投资基金（基金份额）	A	0	0.0000
0000	某证券投资基金管理有限公司	某某证券投资基金（基金份额）	A	0	0.0000
0000	某证券投资基金管理有限公司	某某证券投资基金（基金份额）	A	0	0.0000
0000	某证券投资基金管理有限公司	某某证券投资基金（基金份额）	A	0	0.0000
0000	某证券投资基金管理有限公司	某某证券投资基金（基金份额）	A	0	0.0000
0000	某证券投资基金管理有限公司	某某证券投资基金（基金份额）	A	0	0.0000
0000	某证券投资基金管理有限公司	某某证券投资基金（基金份额）	A	0	0.0000
0000	某证券投资基金管理有限公司	某某证券投资基金（基金份额）	A	0	0.0000
0000	某证券投资基金管理有限公司	某某证券投资基金（基金份额）	A	0	0.0000
（下转A31版）
